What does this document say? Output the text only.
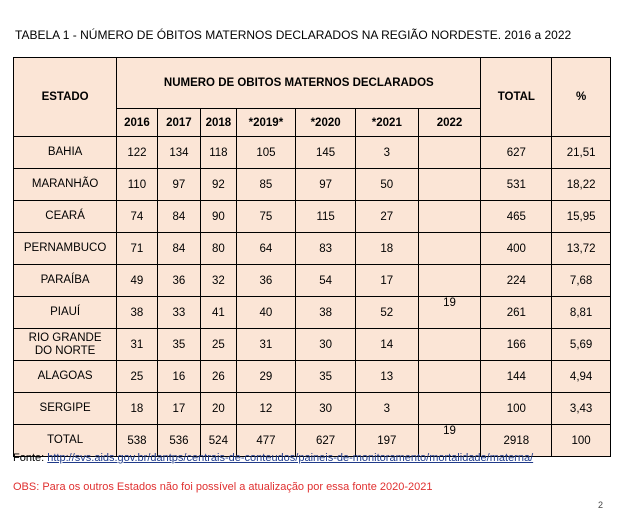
TABELA 1 - NÚMERO DE ÓBITOS MATERNOS DECLARADOS NA REGIÃO NORDESTE. 2016 a 2022
ESTADO	NUMERO DE OBITOS MATERNOS DECLARADOS							TOTAL	%
	2016	2017	2018	*2019*	*2020	*2021	2022		
BAHIA	122	134	118	105	145	3		627	21,51
MARANHÃO	110	97	92	85	97	50		531	18,22
CEARÁ	74	84	90	75	115	27		465	15,95
PERNAMBUCO	71	84	80	64	83	18		400	13,72
PARAÍBA	49	36	32	36	54	17		224	7,68
PIAUÍ	38	33	41	40	38	52	19	261	8,81

RIO GRANDE
DO NORTE	31	35	25	31	30	14		166	5,69
ALAGOAS	25	16	26	29	35	13		144	4,94
SERGIPE	18	17	20	12	30	3		100	3,43
TOTAL	538	536	524	477	627	197	19	2918	100
Fonte: http://svs.aids.gov.br/dantps/centrais-de-conteudos/paineis-de-monitoramento/mortalidade/materna/
OBS: Para os outros Estados não foi possível a atualização por essa fonte 2020-2021
2
